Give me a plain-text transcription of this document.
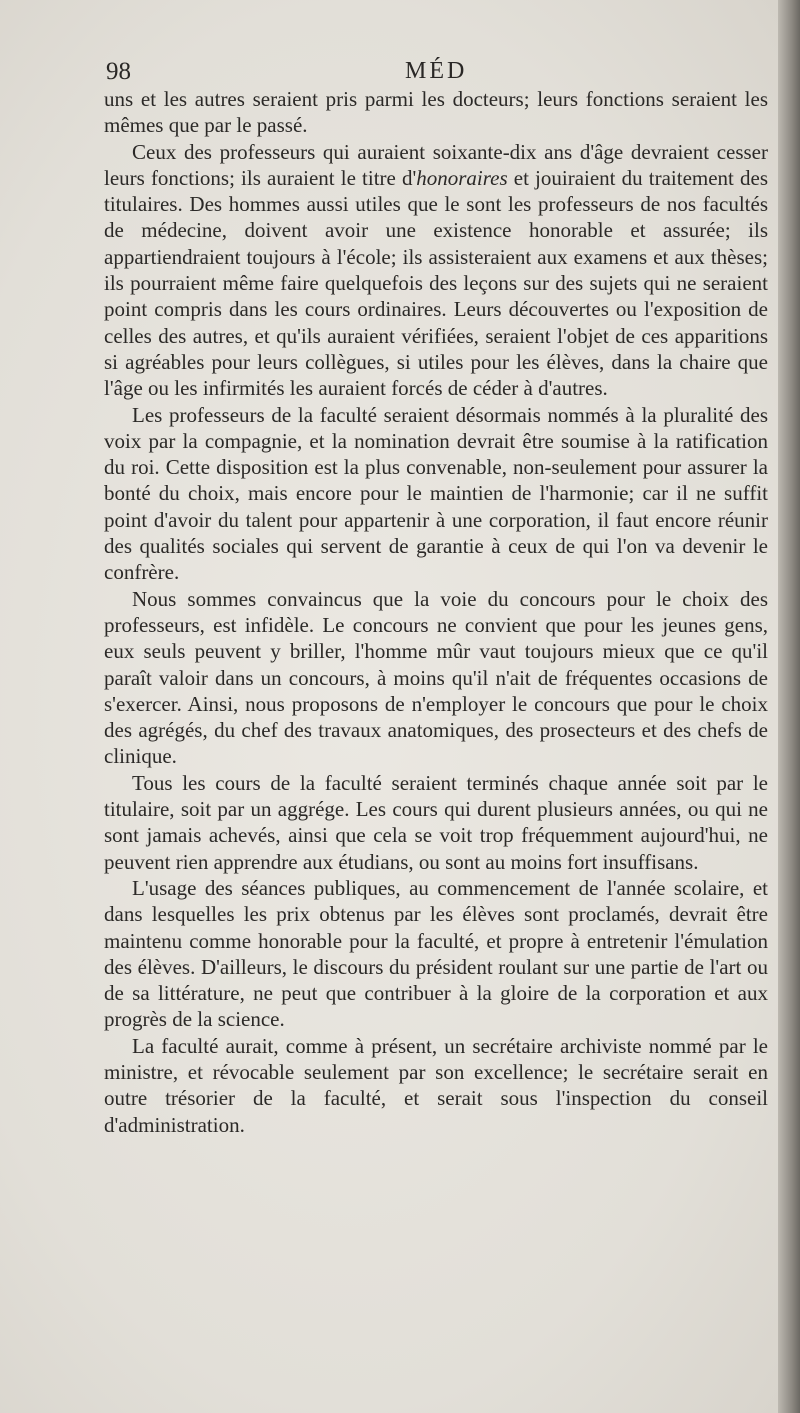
98	MÉD

uns et les autres seraient pris parmi les docteurs; leurs fonctions seraient les mêmes que par le passé.

Ceux des professeurs qui auraient soixante-dix ans d'âge devraient cesser leurs fonctions; ils auraient le titre d'honoraires et jouiraient du traitement des titulaires. Des hommes aussi utiles que le sont les professeurs de nos facultés de médecine, doivent avoir une existence honorable et assurée; ils appartiendraient toujours à l'école; ils assisteraient aux examens et aux thèses; ils pourraient même faire quelquefois des leçons sur des sujets qui ne seraient point compris dans les cours ordinaires. Leurs découvertes ou l'exposition de celles des autres, et qu'ils auraient vérifiées, seraient l'objet de ces apparitions si agréables pour leurs collègues, si utiles pour les élèves, dans la chaire que l'âge ou les infirmités les auraient forcés de céder à d'autres.

Les professeurs de la faculté seraient désormais nommés à la pluralité des voix par la compagnie, et la nomination devrait être soumise à la ratification du roi. Cette disposition est la plus convenable, non-seulement pour assurer la bonté du choix, mais encore pour le maintien de l'harmonie; car il ne suffit point d'avoir du talent pour appartenir à une corporation, il faut encore réunir des qualités sociales qui servent de garantie à ceux de qui l'on va devenir le confrère.

Nous sommes convaincus que la voie du concours pour le choix des professeurs, est infidèle. Le concours ne convient que pour les jeunes gens, eux seuls peuvent y briller, l'homme mûr vaut toujours mieux que ce qu'il paraît valoir dans un concours, à moins qu'il n'ait de fréquentes occasions de s'exercer. Ainsi, nous proposons de n'employer le concours que pour le choix des agrégés, du chef des travaux anatomiques, des prosecteurs et des chefs de clinique.

Tous les cours de la faculté seraient terminés chaque année soit par le titulaire, soit par un aggrége. Les cours qui durent plusieurs années, ou qui ne sont jamais achevés, ainsi que cela se voit trop fréquemment aujourd'hui, ne peuvent rien apprendre aux étudians, ou sont au moins fort insuffisans.

L'usage des séances publiques, au commencement de l'année scolaire, et dans lesquelles les prix obtenus par les élèves sont proclamés, devrait être maintenu comme honorable pour la faculté, et propre à entretenir l'émulation des élèves. D'ailleurs, le discours du président roulant sur une partie de l'art ou de sa littérature, ne peut que contribuer à la gloire de la corporation et aux progrès de la science.

La faculté aurait, comme à présent, un secrétaire archiviste nommé par le ministre, et révocable seulement par son excellence; le secrétaire serait en outre trésorier de la faculté, et serait sous l'inspection du conseil d'administration.
